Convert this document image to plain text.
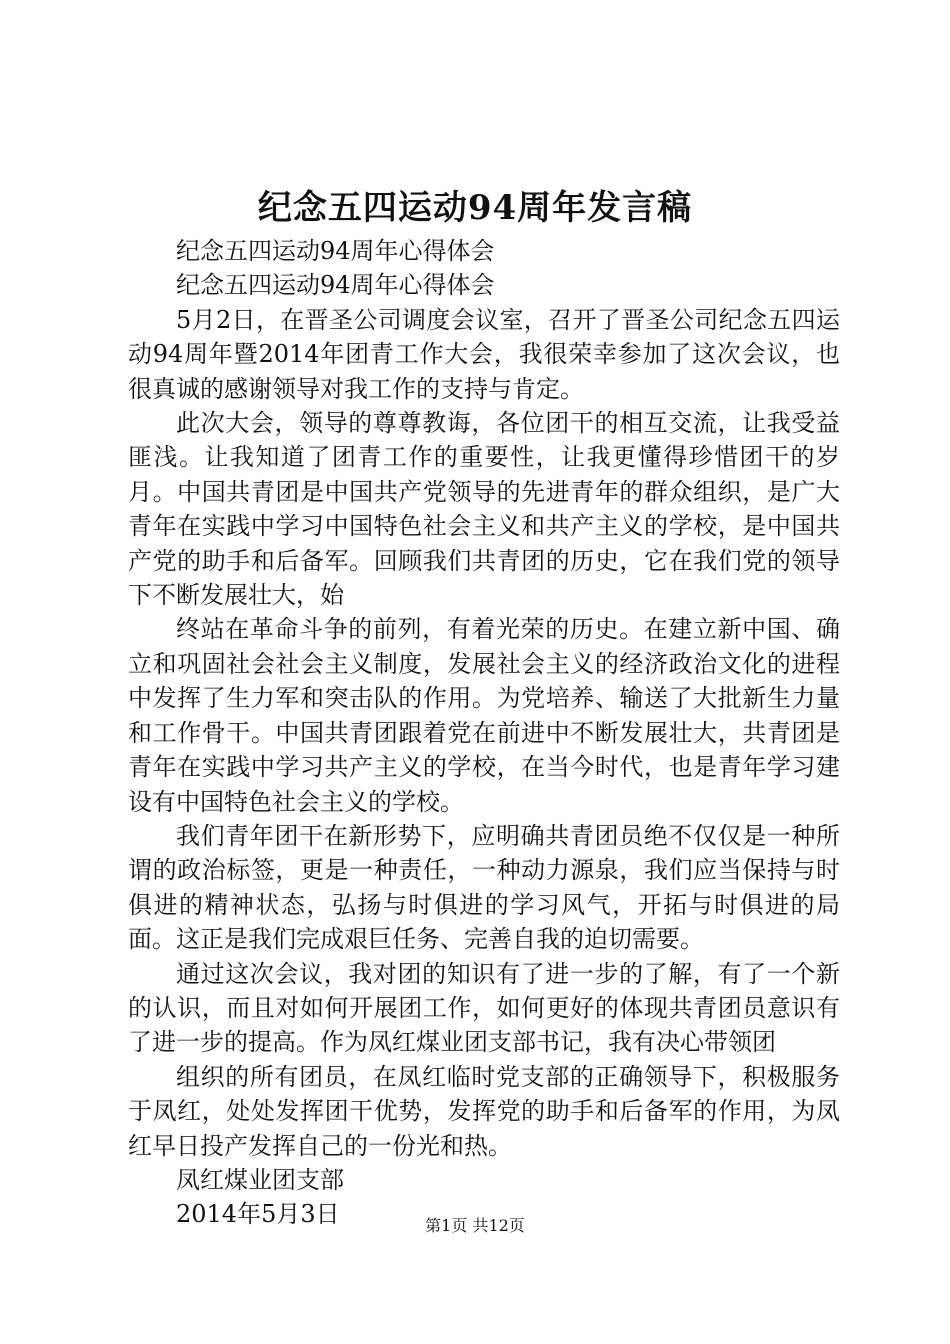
纪念五四运动94周年发言稿

纪念五四运动94周年心得体会

纪念五四运动94周年心得体会

5月2日，在晋圣公司调度会议室，召开了晋圣公司纪念五四运动94周年暨2014年团青工作大会，我很荣幸参加了这次会议，也很真诚的感谢领导对我工作的支持与肯定。

此次大会，领导的尊尊教诲，各位团干的相互交流，让我受益匪浅。让我知道了团青工作的重要性，让我更懂得珍惜团干的岁月。中国共青团是中国共产党领导的先进青年的群众组织，是广大青年在实践中学习中国特色社会主义和共产主义的学校，是中国共产党的助手和后备军。回顾我们共青团的历史，它在我们党的领导下不断发展壮大，始

终站在革命斗争的前列，有着光荣的历史。在建立新中国、确立和巩固社会社会主义制度，发展社会主义的经济政治文化的进程中发挥了生力军和突击队的作用。为党培养、输送了大批新生力量和工作骨干。中国共青团跟着党在前进中不断发展壮大，共青团是青年在实践中学习共产主义的学校，在当今时代，也是青年学习建设有中国特色社会主义的学校。

我们青年团干在新形势下，应明确共青团员绝不仅仅是一种所谓的政治标签，更是一种责任，一种动力源泉，我们应当保持与时俱进的精神状态，弘扬与时俱进的学习风气，开拓与时俱进的局面。这正是我们完成艰巨任务、完善自我的迫切需要。

通过这次会议，我对团的知识有了进一步的了解，有了一个新的认识，而且对如何开展团工作，如何更好的体现共青团员意识有了进一步的提高。作为凤红煤业团支部书记，我有决心带领团

组织的所有团员，在凤红临时党支部的正确领导下，积极服务于凤红，处处发挥团干优势，发挥党的助手和后备军的作用，为凤红早日投产发挥自己的一份光和热。

凤红煤业团支部

2014年5月3日	第1页 共12页
